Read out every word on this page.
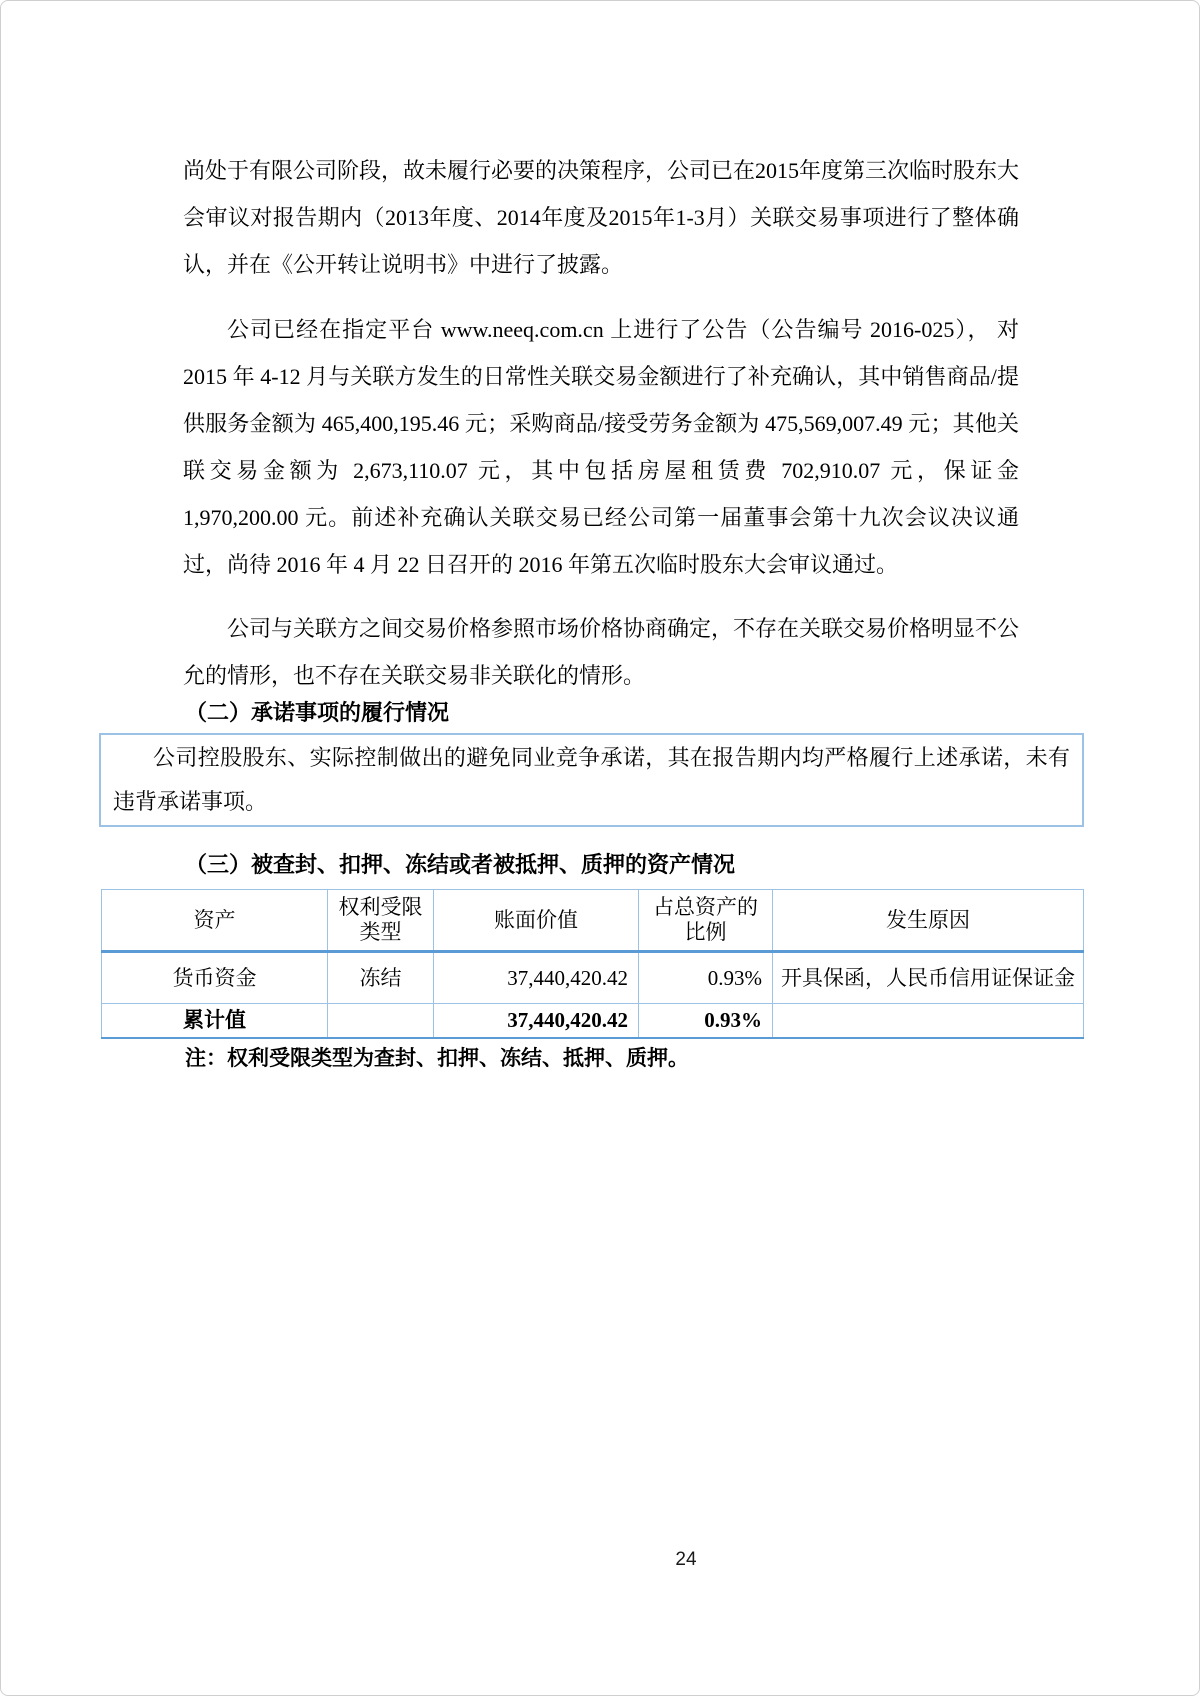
尚处于有限公司阶段，故未履行必要的决策程序，公司已在2015年度第三次临时股东大会审议对报告期内（2013年度、2014年度及2015年1-3月）关联交易事项进行了整体确认，并在《公开转让说明书》中进行了披露。

公司已经在指定平台 www.neeq.com.cn 上进行了公告（公告编号 2016-025）， 对 2015 年 4-12 月与关联方发生的日常性关联交易金额进行了补充确认，其中销售商品/提供服务金额为 465,400,195.46 元；采购商品/接受劳务金额为 475,569,007.49 元；其他关联交易金额为 2,673,110.07 元，其中包括房屋租赁费 702,910.07 元，保证金 1,970,200.00 元。前述补充确认关联交易已经公司第一届董事会第十九次会议决议通过，尚待 2016 年 4 月 22 日召开的 2016 年第五次临时股东大会审议通过。

公司与关联方之间交易价格参照市场价格协商确定，不存在关联交易价格明显不公允的情形，也不存在关联交易非关联化的情形。

（二）承诺事项的履行情况

公司控股股东、实际控制做出的避免同业竞争承诺，其在报告期内均严格履行上述承诺，未有违背承诺事项。

（三）被查封、扣押、冻结或者被抵押、质押的资产情况
资产	权利受限类型	账面价值	占总资产的比例	发生原因
货币资金	冻结	37,440,420.42	0.93%	开具保函，人民币信用证保证金
累计值		37,440,420.42	0.93%	

注：权利受限类型为查封、扣押、冻结、抵押、质押。

24
